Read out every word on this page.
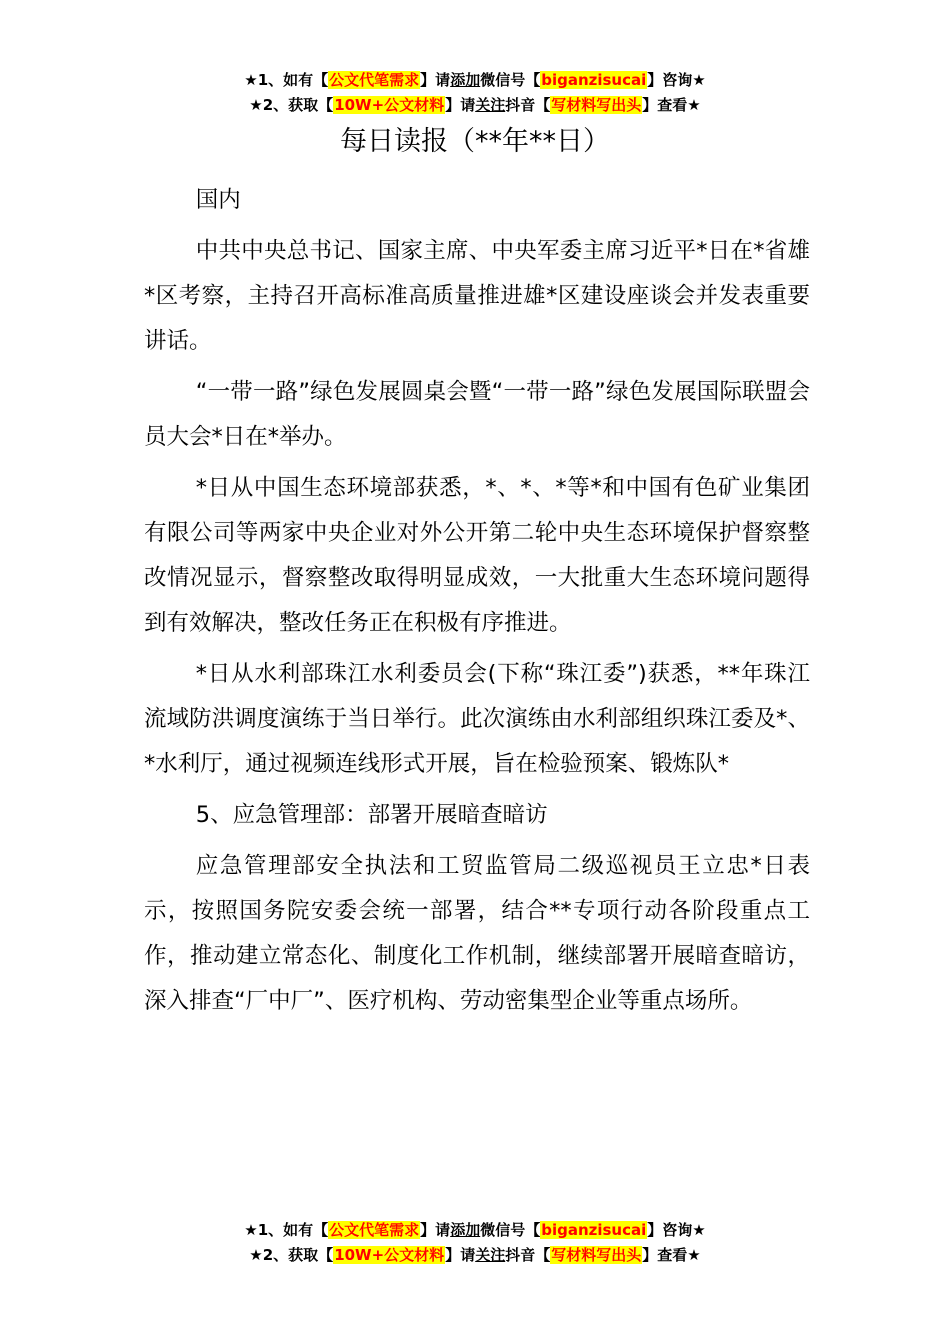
★1、如有【公文代笔需求】请添加微信号【biganzisucai】咨询★
★2、获取【10W+公文材料】请关注抖音【写材料写出头】查看★
每日读报（**年**日）

国内

中共中央总书记、国家主席、中央军委主席习近平*日在*省雄*区考察，主持召开高标准高质量推进雄*区建设座谈会并发表重要讲话。

“一带一路”绿色发展圆桌会暨“一带一路”绿色发展国际联盟会员大会*日在*举办。

*日从中国生态环境部获悉，*、*、*等*和中国有色矿业集团有限公司等两家中央企业对外公开第二轮中央生态环境保护督察整改情况显示，督察整改取得明显成效，一大批重大生态环境问题得到有效解决，整改任务正在积极有序推进。

*日从水利部珠江水利委员会(下称“珠江委”)获悉，**年珠江流域防洪调度演练于当日举行。此次演练由水利部组织珠江委及*、*水利厅，通过视频连线形式开展，旨在检验预案、锻炼队*

5、应急管理部：部署开展暗查暗访

应急管理部安全执法和工贸监管局二级巡视员王立忠*日表示，按照国务院安委会统一部署，结合**专项行动各阶段重点工作，推动建立常态化、制度化工作机制，继续部署开展暗查暗访，深入排查“厂中厂”、医疗机构、劳动密集型企业等重点场所。

★1、如有【公文代笔需求】请添加微信号【biganzisucai】咨询★
★2、获取【10W+公文材料】请关注抖音【写材料写出头】查看★
